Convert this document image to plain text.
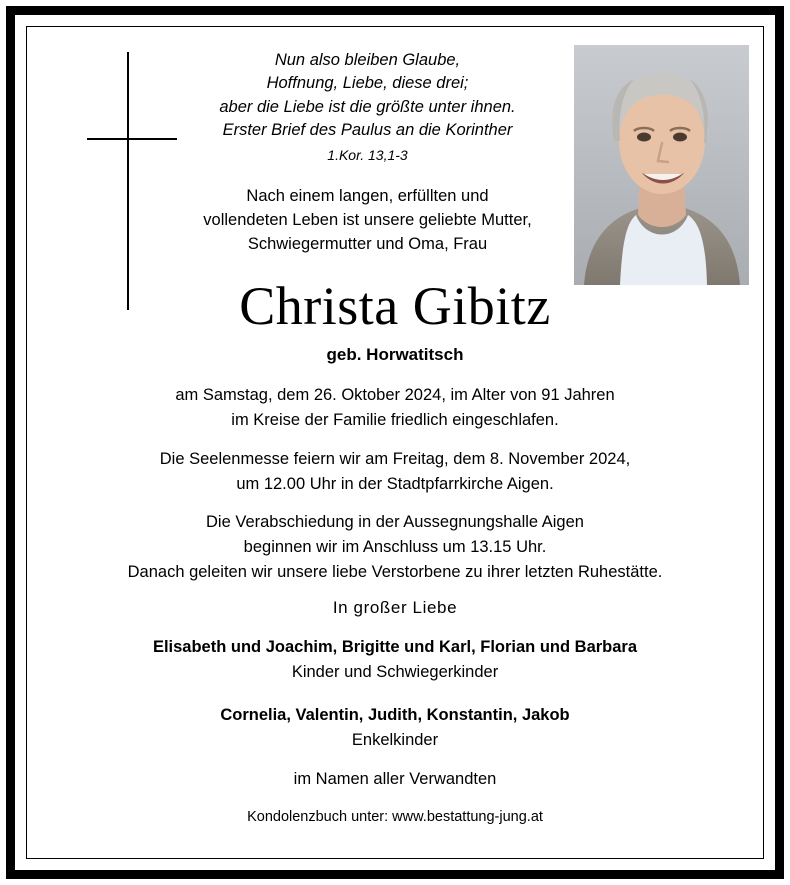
Nun also bleiben Glaube,
Hoffnung, Liebe, diese drei;
aber die Liebe ist die größte unter ihnen.
Erster Brief des Paulus an die Korinther
1.Kor. 13,1-3
Nach einem langen, erfüllten und
vollendeten Leben ist unsere geliebte Mutter,
Schwiegermutter und Oma, Frau
Christa Gibitz
geb. Horwatitsch
am Samstag, dem 26. Oktober 2024, im Alter von 91 Jahren
im Kreise der Familie friedlich eingeschlafen.
Die Seelenmesse feiern wir am Freitag, dem 8. November 2024,
um 12.00 Uhr in der Stadtpfarrkirche Aigen.
Die Verabschiedung in der Aussegnungshalle Aigen
beginnen wir im Anschluss um 13.15 Uhr.
Danach geleiten wir unsere liebe Verstorbene zu ihrer letzten Ruhestätte.
In großer Liebe
Elisabeth und Joachim, Brigitte und Karl, Florian und Barbara
Kinder und Schwiegerkinder
Cornelia, Valentin, Judith, Konstantin, Jakob
Enkelkinder
im Namen aller Verwandten
Kondolenzbuch unter: www.bestattung-jung.at
